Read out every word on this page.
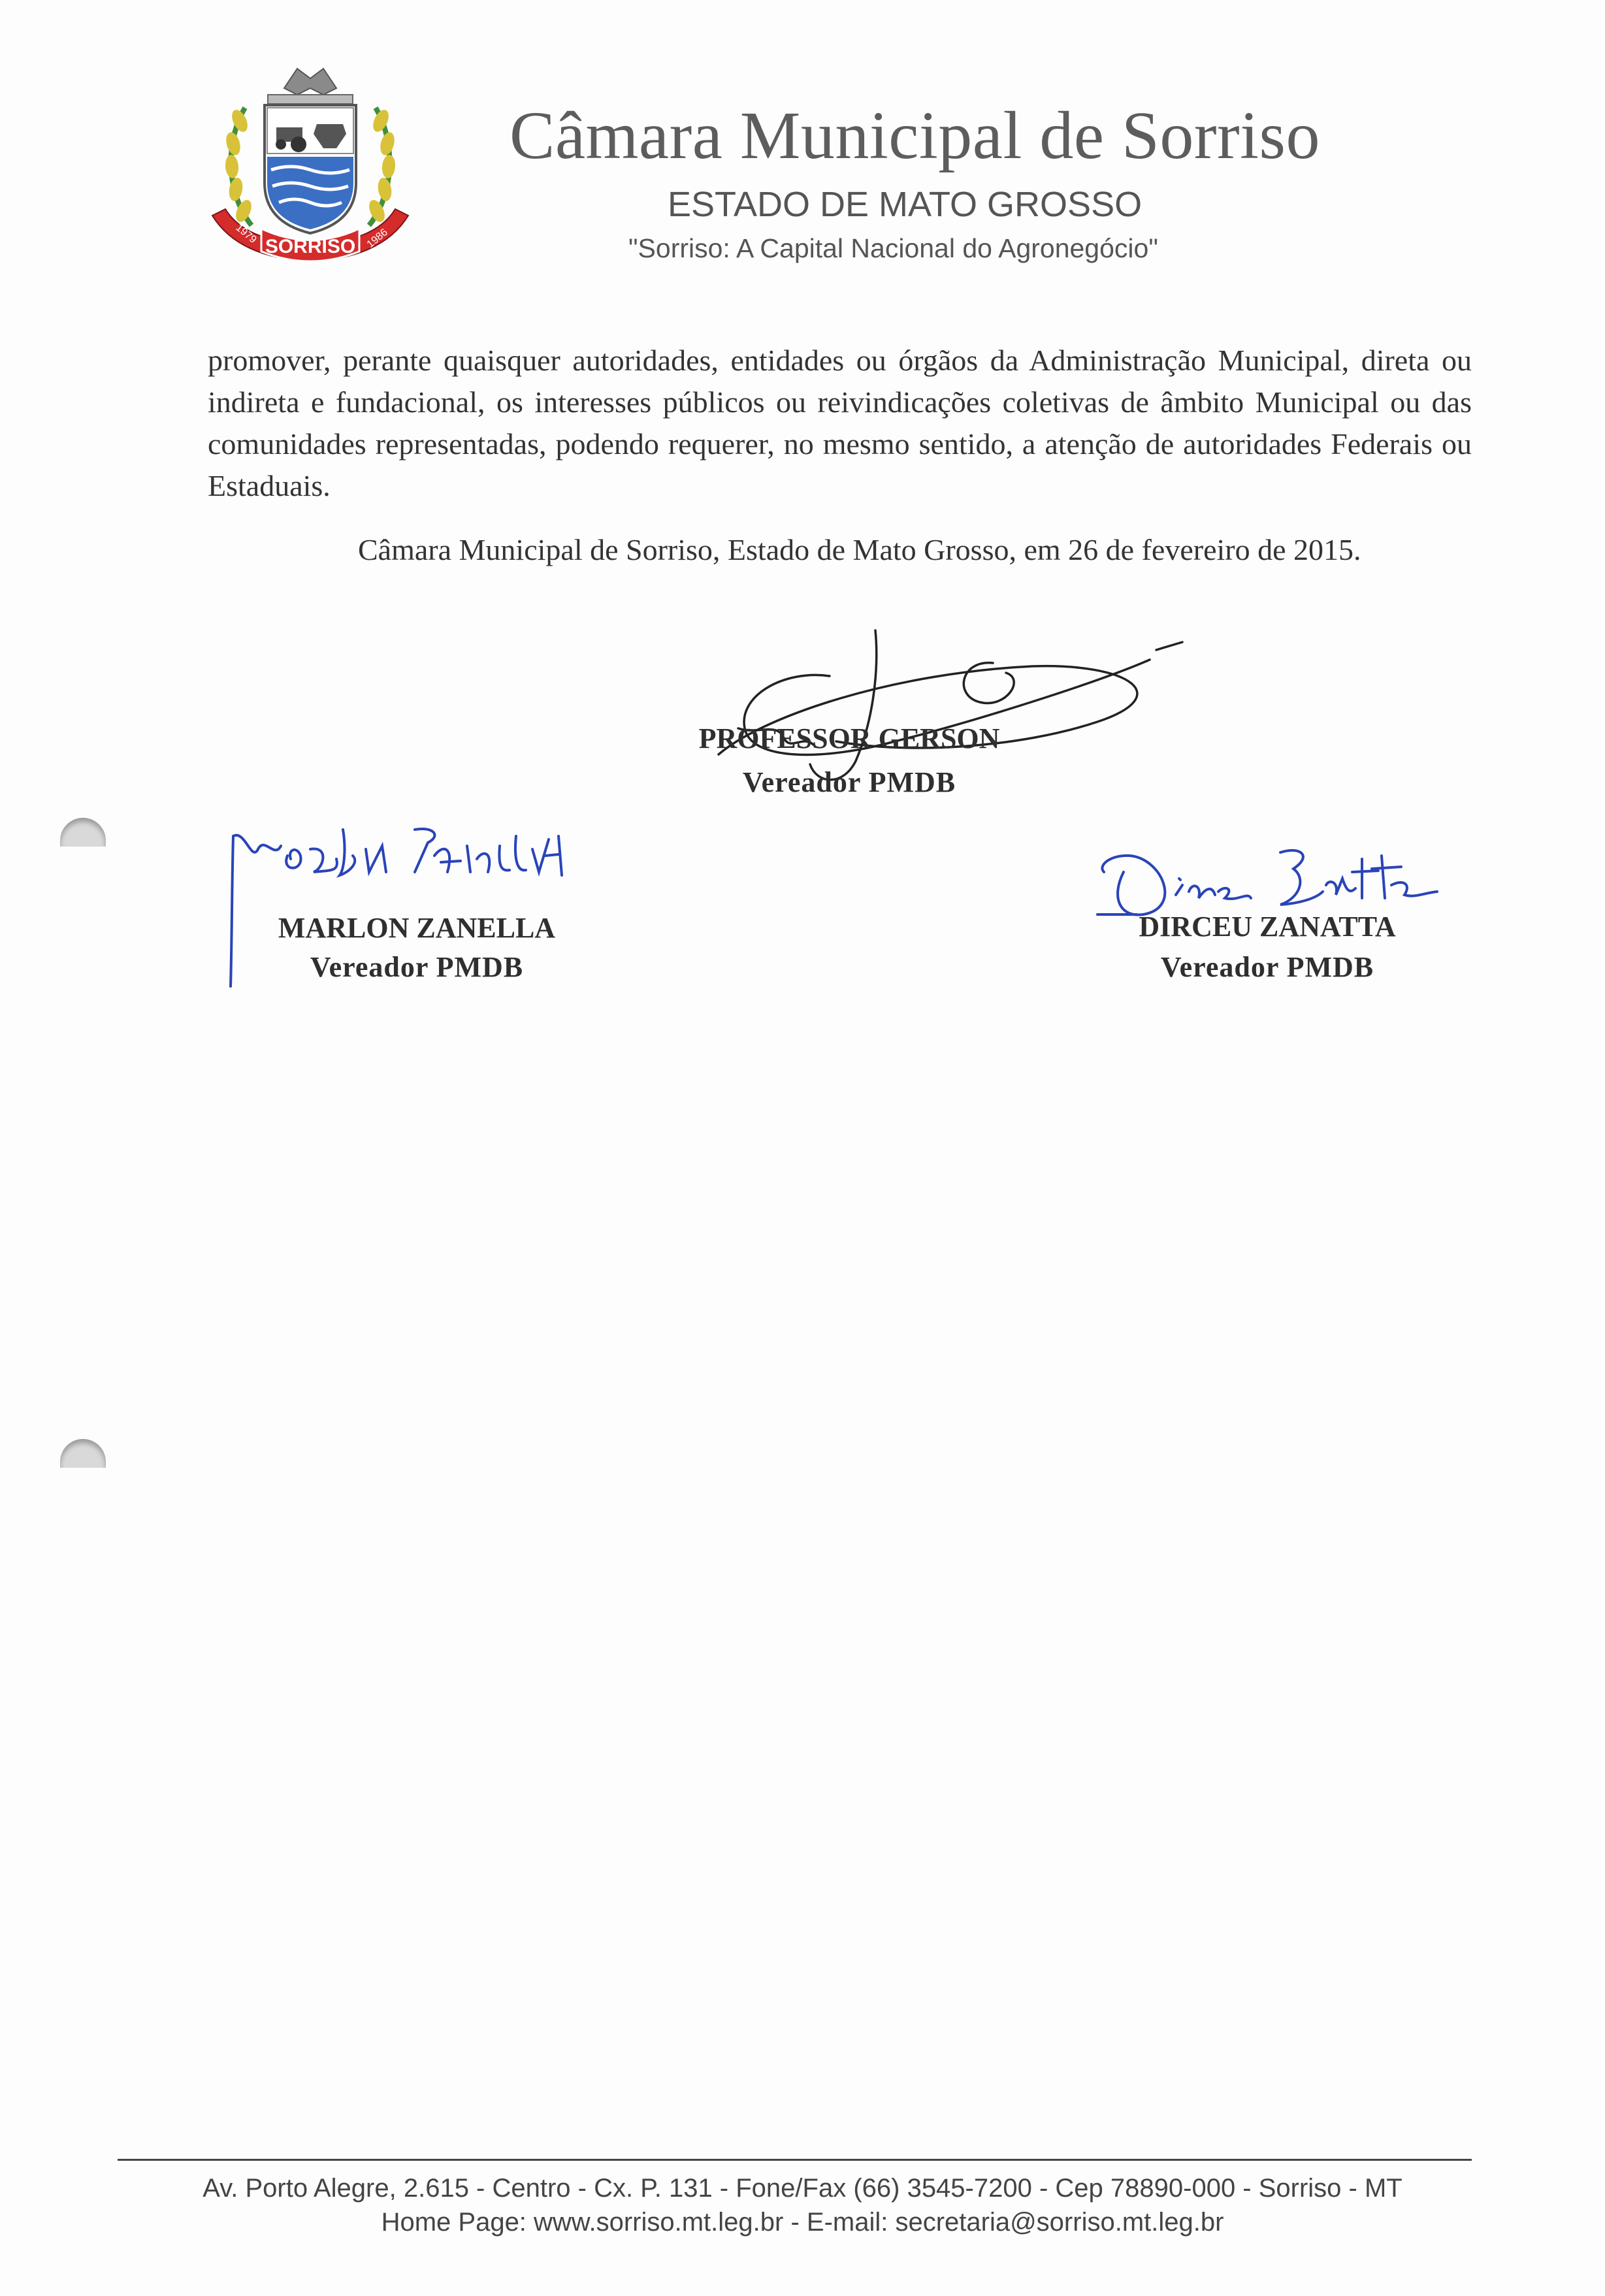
1979	1986
SORRISO
Câmara Municipal de Sorriso
ESTADO DE MATO GROSSO
"Sorriso: A Capital Nacional do Agronegócio"
promover, perante quaisquer autoridades, entidades ou órgãos da Administração Municipal, direta ou indireta e fundacional, os interesses públicos ou reivindicações coletivas de âmbito Municipal ou das comunidades representadas, podendo requerer, no mesmo sentido, a atenção de autoridades Federais ou Estaduais.
Câmara Municipal de Sorriso, Estado de Mato Grosso, em 26 de fevereiro de 2015.
PROFESSOR GERSON
Vereador PMDB
MARLON ZANELLA
Vereador PMDB
DIRCEU ZANATTA
Vereador PMDB
Av. Porto Alegre, 2.615 - Centro - Cx. P. 131 - Fone/Fax (66) 3545-7200 - Cep 78890-000 - Sorriso - MT
Home Page: www.sorriso.mt.leg.br - E-mail: secretaria@sorriso.mt.leg.br
